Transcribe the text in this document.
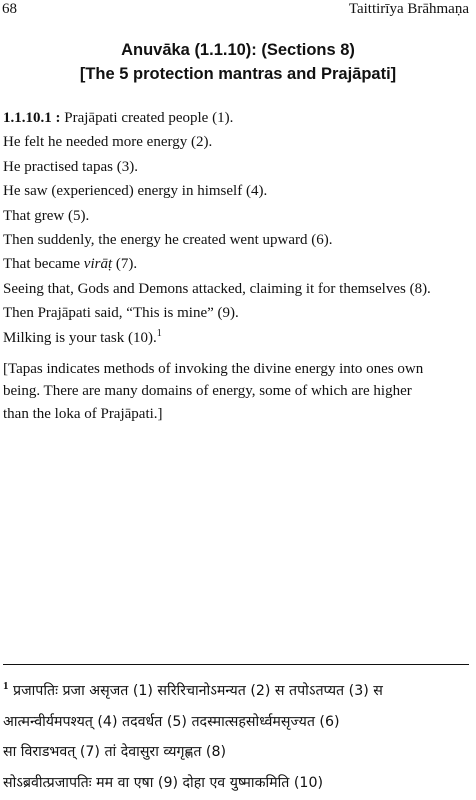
68	Taittirīya Brāhmaṇa
Anuvāka (1.1.10): (Sections 8)
[The 5 protection mantras and Prajāpati]
1.1.10.1 : Prajāpati created people (1).
He felt he needed more energy (2).
He practised tapas (3).
He saw (experienced) energy in himself (4).
That grew (5).
Then suddenly, the energy he created went upward (6).
That became virāṭ (7).
Seeing that, Gods and Demons attacked, claiming it for themselves (8).
Then Prajāpati said, “This is mine” (9).
Milking is your task (10).$^1$
[Tapas indicates methods of invoking the divine energy into ones own
being. There are many domains of energy, some of which are higher
than the loka of Prajāpati.]
$^1$ प्रजापतिः प्रजा असृजत (1) सरिरिचानोऽमन्यत (2) स तपोऽतप्यत (3) स
आत्मन्वीर्यमपश्यत् (4) तदवर्धत (5) तदस्मात्सहसोर्ध्वमसृज्यत (6)
सा विराडभवत् (7) तां देवासुरा व्यगृह्णत (8)
सोऽब्रवीत्प्रजापतिः मम वा एषा (9) दोहा एव युष्माकमिति (10)
